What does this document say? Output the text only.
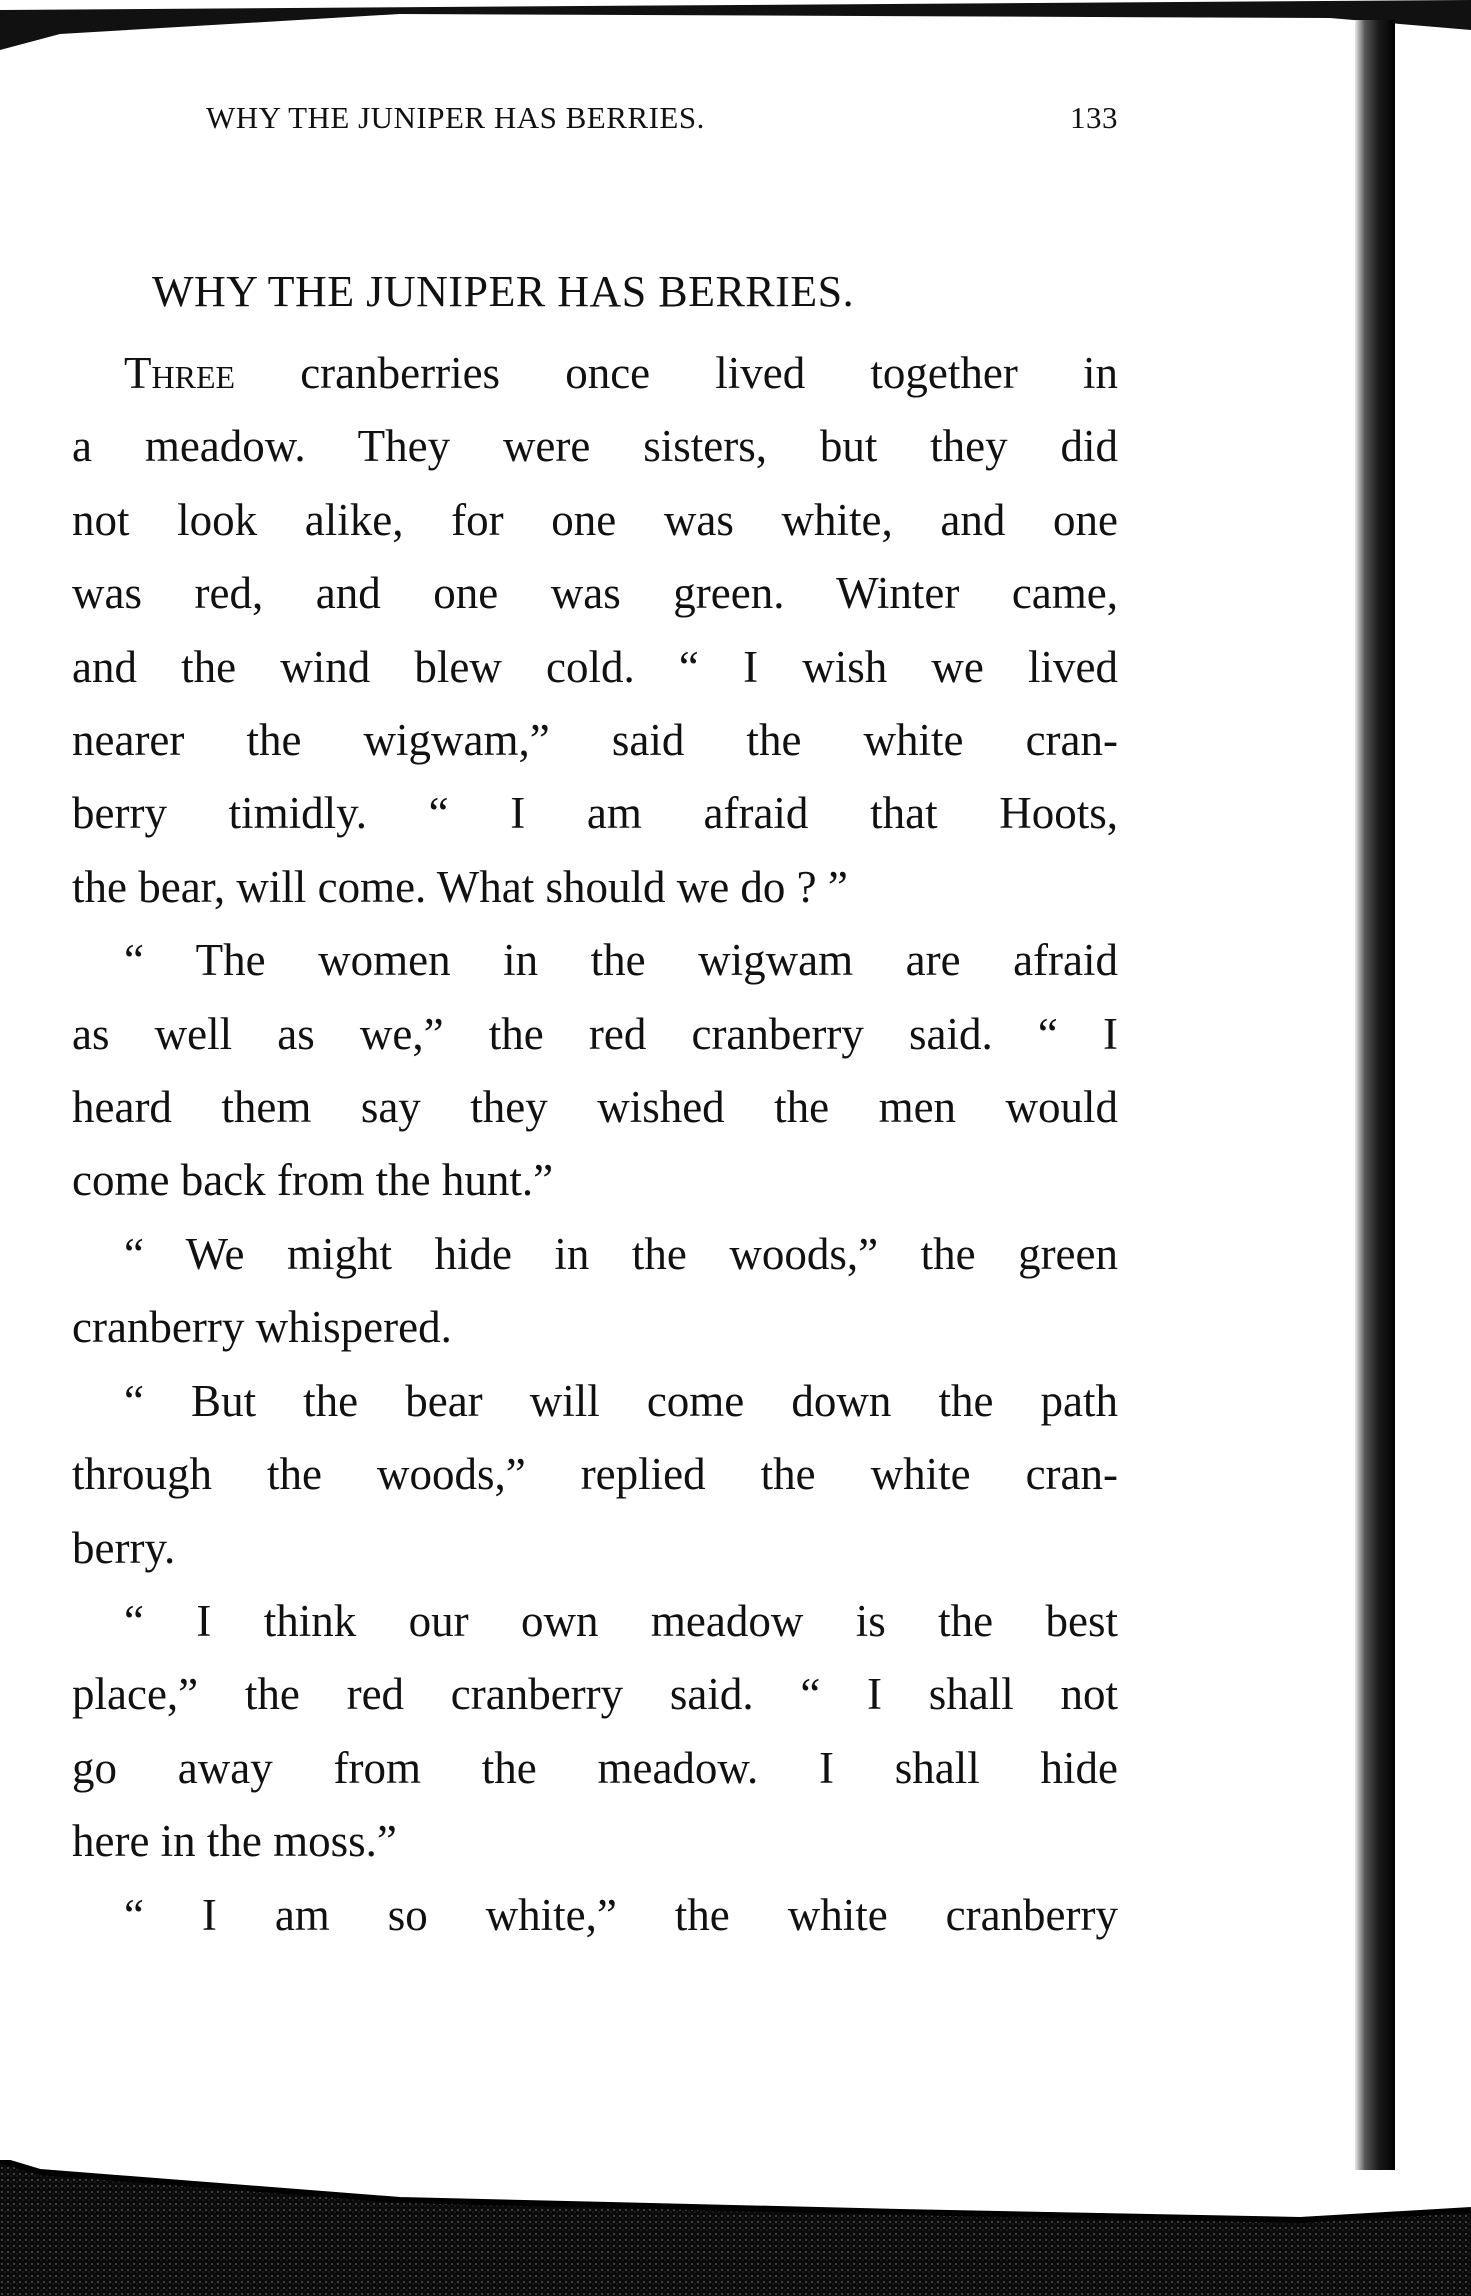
WHY THE JUNIPER HAS BERRIES.	133
WHY THE JUNIPER HAS BERRIES.
Three cranberries once lived together in
a meadow. They were sisters, but they did
not look alike, for one was white, and one
was red, and one was green. Winter came,
and the wind blew cold. “ I wish we lived
nearer the wigwam,” said the white cran-
berry timidly. “ I am afraid that Hoots,
the bear, will come. What should we do ? ”
“ The women in the wigwam are afraid
as well as we,” the red cranberry said. “ I
heard them say they wished the men would
come back from the hunt.”
“ We might hide in the woods,” the green
cranberry whispered.
“ But the bear will come down the path
through the woods,” replied the white cran-
berry.
“ I think our own meadow is the best
place,” the red cranberry said. “ I shall not
go away from the meadow. I shall hide
here in the moss.”
“ I am so white,” the white cranberry
